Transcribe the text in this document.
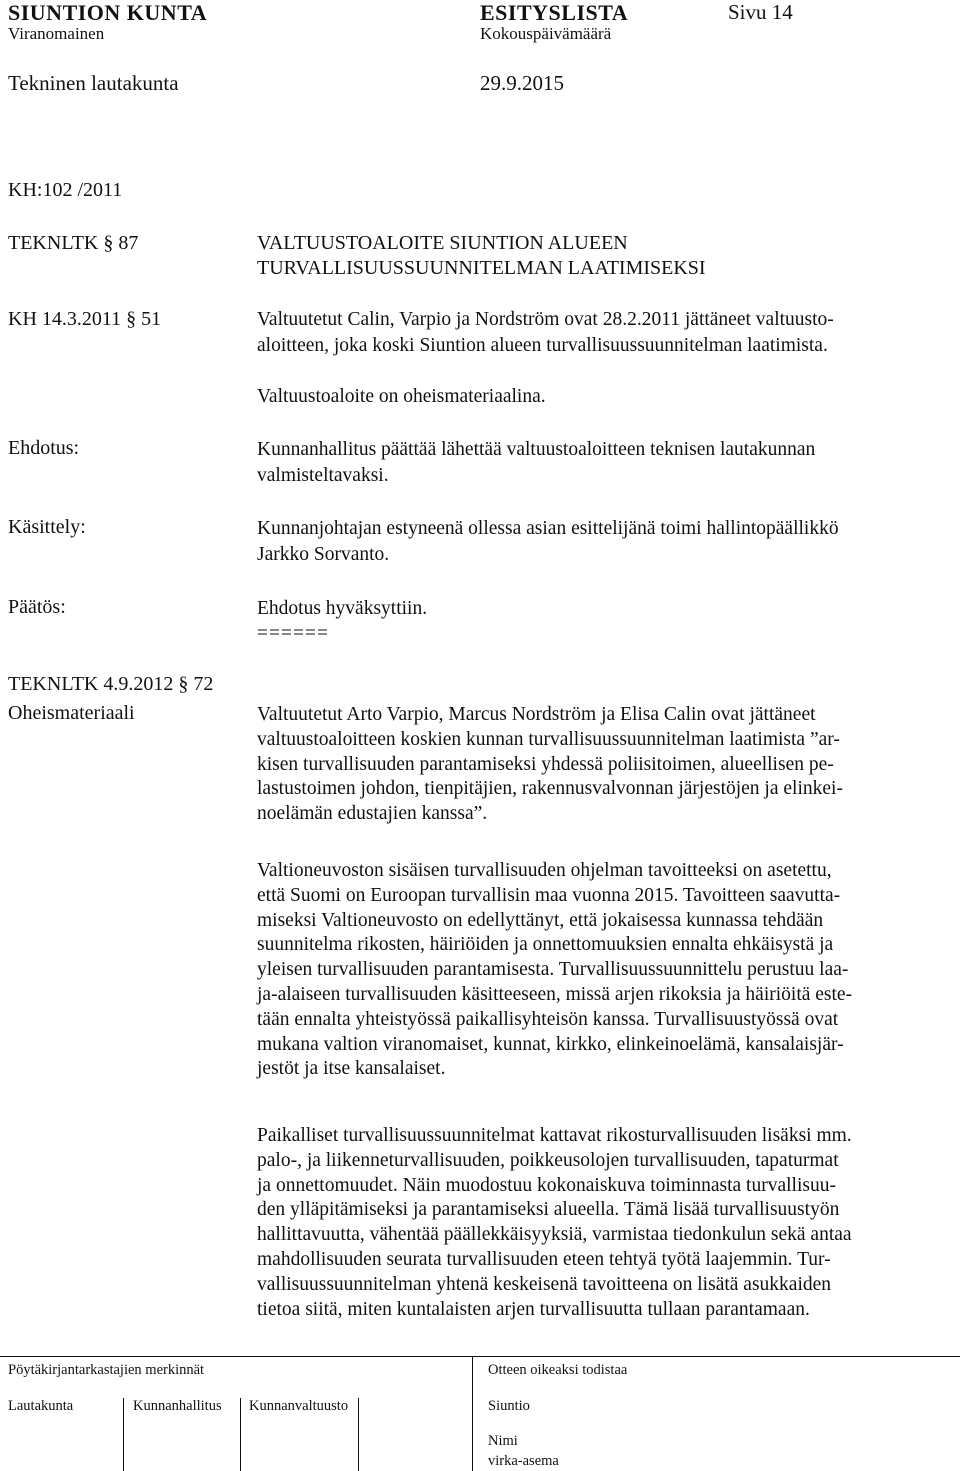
SIUNTION KUNTA	ESITYSLISTA	Sivu 14
Viranomainen	Kokouspäivämäärä
Tekninen lautakunta	29.9.2015
KH:102 /2011
TEKNLTK § 87
KH 14.3.2011 § 51
VALTUUSTOALOITE SIUNTION ALUEEN
TURVALLISUUSSUUNNITELMAN LAATIMISEKSI
Valtuutetut Calin, Varpio ja Nordström ovat 28.2.2011 jättäneet valtuusto-
aloitteen, joka koski Siuntion alueen turvallisuussuunnitelman laatimista.
Valtuustoaloite on oheismateriaalina.
Ehdotus:	Kunnanhallitus päättää lähettää valtuustoaloitteen teknisen lautakunnan
valmisteltavaksi.
Käsittely:	Kunnanjohtajan estyneenä ollessa asian esittelijänä toimi hallintopäällikkö
Jarkko Sorvanto.
Päätös:	Ehdotus hyväksyttiin.
======
TEKNLTK 4.9.2012 § 72
Oheismateriaali	Valtuutetut Arto Varpio, Marcus Nordström ja Elisa Calin ovat jättäneet
valtuustoaloitteen koskien kunnan turvallisuussuunnitelman laatimista ”ar-
kisen turvallisuuden parantamiseksi yhdessä poliisitoimen, alueellisen pe-
lastustoimen johdon, tienpitäjien, rakennusvalvonnan järjestöjen ja elinkei-
noelämän edustajien kanssa”.
Valtioneuvoston sisäisen turvallisuuden ohjelman tavoitteeksi on asetettu,
että Suomi on Euroopan turvallisin maa vuonna 2015. Tavoitteen saavutta-
miseksi Valtioneuvosto on edellyttänyt, että jokaisessa kunnassa tehdään
suunnitelma rikosten, häiriöiden ja onnettomuuksien ennalta ehkäisystä ja
yleisen turvallisuuden parantamisesta. Turvallisuussuunnittelu perustuu laa-
ja-alaiseen turvallisuuden käsitteeseen, missä arjen rikoksia ja häiriöitä este-
tään ennalta yhteistyössä paikallisyhteisön kanssa. Turvallisuustyössä ovat
mukana valtion viranomaiset, kunnat, kirkko, elinkeinoelämä, kansalaisjär-
jestöt ja itse kansalaiset.
Paikalliset turvallisuussuunnitelmat kattavat rikosturvallisuuden lisäksi mm.
palo-, ja liikenneturvallisuuden, poikkeusolojen turvallisuuden, tapaturmat
ja onnettomuudet. Näin muodostuu kokonaiskuva toiminnasta turvallisuu-
den ylläpitämiseksi ja parantamiseksi alueella. Tämä lisää turvallisuustyön
hallittavuutta, vähentää päällekkäisyyksiä, varmistaa tiedonkulun sekä antaa
mahdollisuuden seurata turvallisuuden eteen tehtyä työtä laajemmin. Tur-
vallisuussuunnitelman yhtenä keskeisenä tavoitteena on lisätä asukkaiden
tietoa siitä, miten kuntalaisten arjen turvallisuutta tullaan parantamaan.
Pöytäkirjantarkastajien merkinnät	Otteen oikeaksi todistaa
Lautakunta	Kunnanhallitus Kunnanvaltuusto	Siuntio
Nimi
virka-asema
